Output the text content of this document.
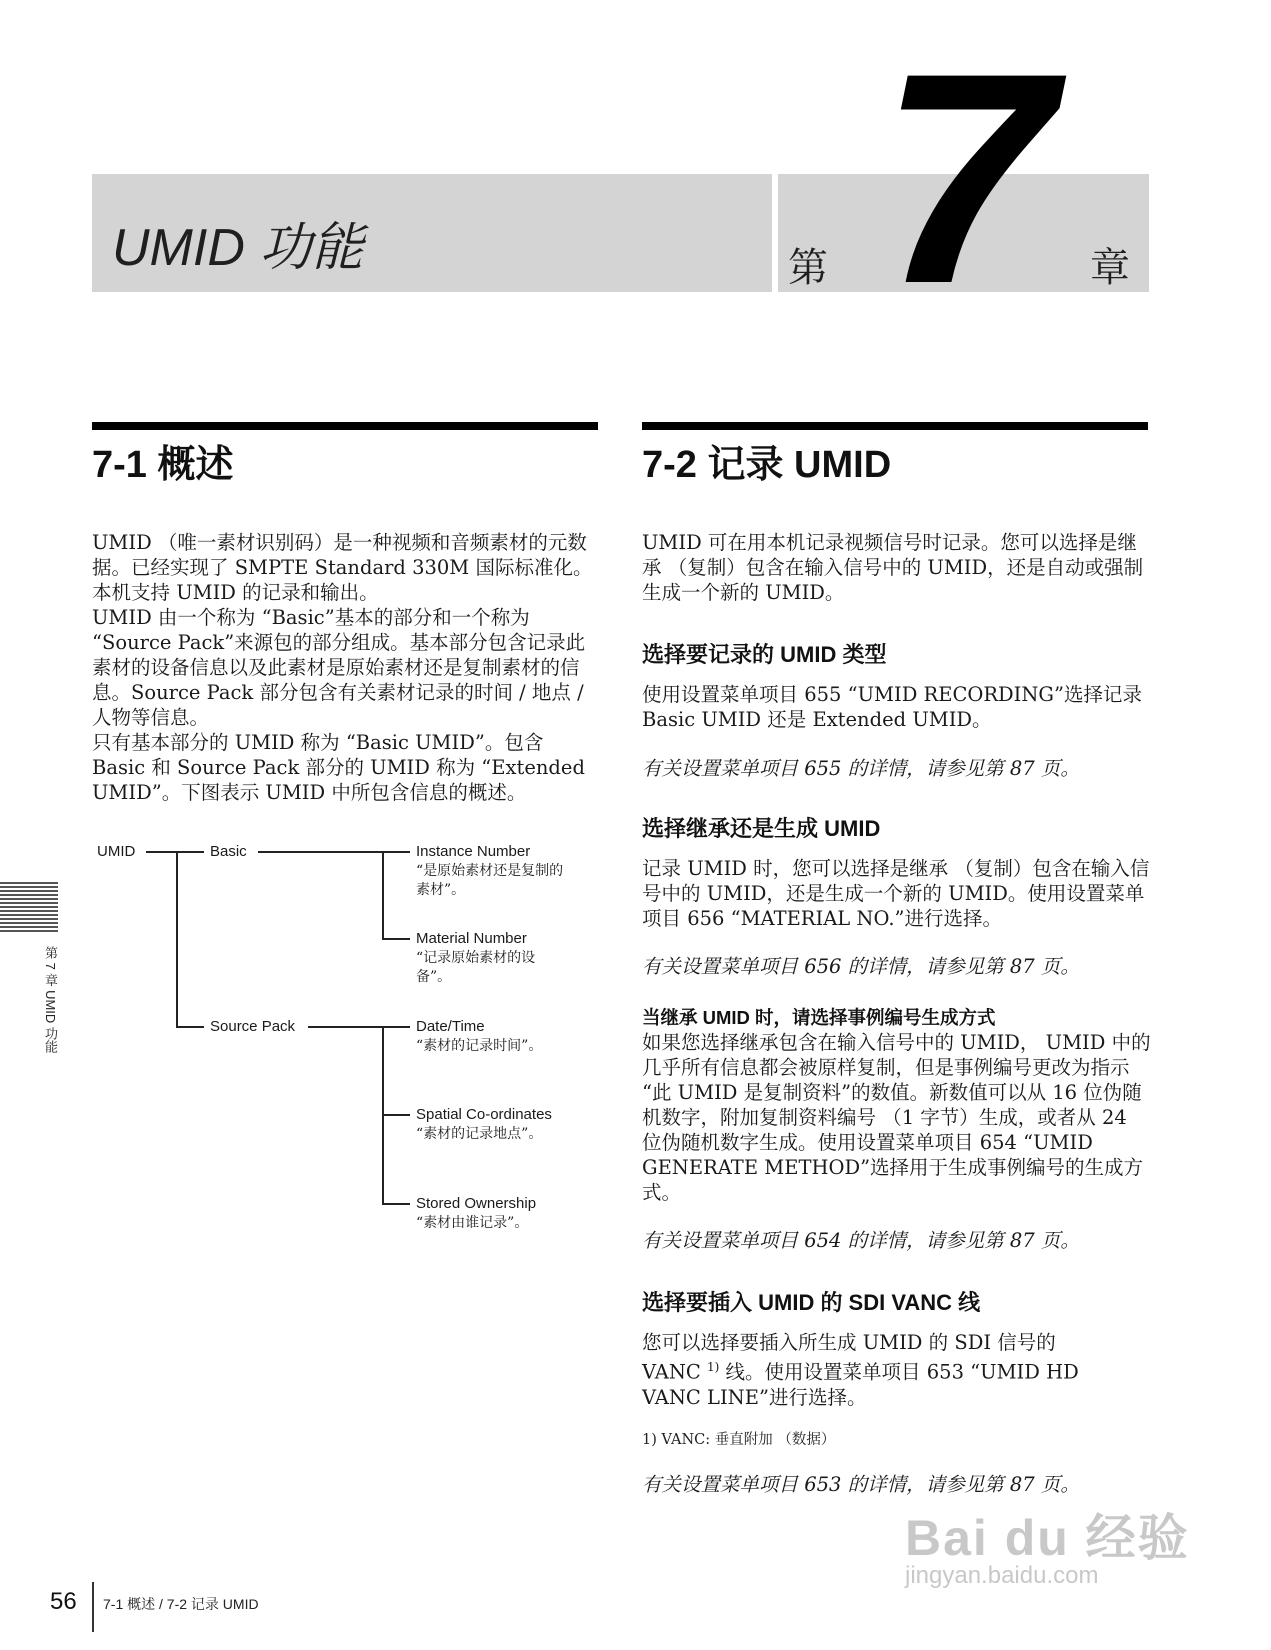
UMID 功能	第 7 章
7-1 概述

UMID （唯一素材识别码）是一种视频和音频素材的元数据。已经实现了 SMPTE Standard 330M 国际标准化。本机支持 UMID 的记录和输出。

UMID 由一个称为 “Basic”基本的部分和一个称为 “Source Pack”来源包的部分组成。基本部分包含记录此素材的设备信息以及此素材是原始素材还是复制素材的信息。Source Pack 部分包含有关素材记录的时间 / 地点 / 人物等信息。

只有基本部分的 UMID 称为 “Basic UMID”。包含 Basic 和 Source Pack 部分的 UMID 称为 “Extended UMID”。下图表示 UMID 中所包含信息的概述。

UMID	Basic
Source Pack
Instance Number
“是原始素材还是复制的
素材”。
Material Number
“记录原始素材的设
备”。
Date/Time
“素材的记录时间”。
Spatial Co-ordinates
“素材的记录地点”。
Stored Ownership
“素材由谁记录”。
7-2 记录 UMID
UMID 可在用本机记录视频信号时记录。您可以选择是继承 （复制）包含在输入信号中的 UMID，还是自动或强制生成一个新的 UMID。
选择要记录的 UMID 类型
使用设置菜单项目 655 “UMID RECORDING”选择记录 Basic UMID 还是 Extended UMID。
有关设置菜单项目 655 的详情，请参见第 87 页。
选择继承还是生成 UMID
记录 UMID 时，您可以选择是继承 （复制）包含在输入信号中的 UMID，还是生成一个新的 UMID。使用设置菜单项目 656 “MATERIAL NO.”进行选择。
有关设置菜单项目 656 的详情，请参见第 87 页。
当继承 UMID 时，请选择事例编号生成方式
如果您选择继承包含在输入信号中的 UMID， UMID 中的几乎所有信息都会被原样复制，但是事例编号更改为指示 “此 UMID 是复制资料”的数值。新数值可以从 16 位伪随机数字，附加复制资料编号 （1 字节）生成，或者从 24 位伪随机数字生成。使用设置菜单项目 654 “UMID GENERATE METHOD”选择用于生成事例编号的生成方式。
有关设置菜单项目 654 的详情，请参见第 87 页。
选择要插入 UMID 的 SDI VANC 线
您可以选择要插入所生成 UMID 的 SDI 信号的 VANC $^{1)}$ 线。使用设置菜单项目 653 “UMID HD VANC LINE”进行选择。
1) VANC: 垂直附加 （数据）
有关设置菜单项目 653 的详情，请参见第 87 页。
第 7 章 UMID 功能
Bai du 经验
jingyan.baidu.com
56 7-1 概述 / 7-2 记录 UMID
